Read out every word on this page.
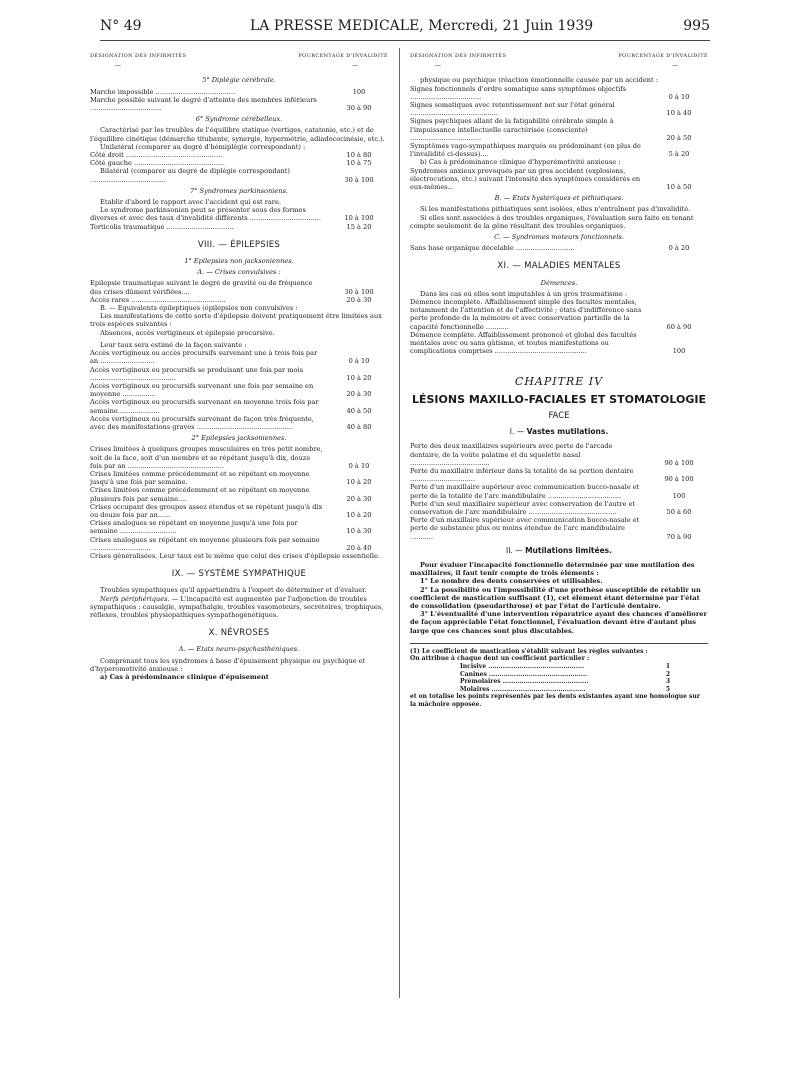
N° 49	LA PRESSE MEDICALE, Mercredi, 21 Juin 1939	995
DÉSIGNATION DES INFIRMITÉS	POURCENTAGE D'INVALIDITÉ
—	—
5° Diplégie cérébrale.
Marche impossible ......................................	100
Marche possible suivant le degré d'atteinte des membres inférieurs ..................................	30 à 90
6° Syndrome cérébelleux.

Caractérisé par les troubles de l'équilibre statique (vertiges, catatonie, etc.) et de l'équilibre cinétique (démarche titubante, synergie, hypermétrie, adiadococinésie, etc.).

Unilatéral (comparer au degré d'hémiplégie correspondant) :

Côté droit ..............................................	10 à 80
Côté gauche ...........................................	10 à 75
Bilatéral (comparer au degré de diplégie correspondant) ....................................	30 à 100
7° Syndromes parkinsoniens.

Etablir d'abord le rapport avec l'accident qui est rare.

Le syndrome parkinsonien peut se présenter sous des formes diverses et avec des taux d'invalidité différents ..................................	10 à 100
Torticolis traumatique ................................	15 à 20
VIII. — ÉPILEPSIES
1° Epilepsies non jacksoniennes.
A. — Crises convulsives :
Epilepsie traumatique suivant le degré de gravité ou de fréquence des crises dûment vérifiées....	30 à 100
Accès rares .............................................	20 à 30

B. — Equivalents épileptiques (épilepsies non convulsives :

Les manifestations de cette sorte d'épilepsie doivent pratiquement être limitées aux trois espèces suivantes :

Absences, accès vertigineux et épilepsie procursive.

Leur taux sera estimé de la façon suivante :

Accès vertigineux ou accès procursifs survenant une à trois fois par an ..........................	0 à 10
Accès vertigineux ou procursifs se produisant une fois par mois .........................................	10 à 20
Accès vertigineux ou procursifs survenant une fois par semaine en moyenne ................	20 à 30
Accès vertigineux ou procursifs survenant en moyenne trois fois par semaine....................	40 à 50
Accès vertigineux ou procursifs survenant de façon très fréquente, avec des manifestations graves ..............................................	40 à 80
2° Epilepsies jacksoniennes.
Crises limitées à quelques groupes musculaires en très petit nombre, soit de la face, soit d'un membre et se répétant jusqu'à dix, douze fois par an ..............................................	0 à 10
Crises limitées comme précédemment et se répétant en moyenne jusqu'à une fois par semaine.	10 à 20
Crises limitées comme précédemment et se répétant en moyenne plusieurs fois par semaine....	20 à 30
Crises occupant des groupes assez étendus et se répétant jusqu'à dix ou douze fois par an......	10 à 20
Crises analogues se répétant en moyenne jusqu'à une fois par semaine ...........................	10 à 30
Crises analogues se répétant en moyenne plusieurs fois par semaine .............................	20 à 40

Crises généralisées. Leur taux est le même que celui des crises d'épilepsie essentielle.

IX. — SYSTÈME SYMPATHIQUE

Troubles sympathiques qu'il appartiendra à l'expert de déterminer et d'évaluer.

Nerfs périphériques. — L'incapacité est augmentée par l'adjonction de troubles sympathiques : causalgie, sympathalgie, troubles vasomoteurs, secrétoires, trophiques, réflexes, troubles physiopathiques sympathogénétiques.

X. NÉVROSES
A. — Etats neuro-psychasthéniques.

Comprenant tous les syndromes à base d'épuisement physique ou psychique et d'hyperomotivité anxieuse :

a) Cas à prédominance clinique d'épuisement

DÉSIGNATION DES INFIRMITÉS	POURCENTAGE D'INVALIDITÉ
—	—

physique ou psychique (réaction émotionnelle causée par un accident :

Signes fonctionnels d'ordre somatique sans symptômes objectifs ..................................	0 à 10
Signes somatiques avec retentissement net sur l'état général ..........................................	10 à 40
Signes psychiques allant de la fatigabilité cérébrale simple à l'impuissance intellectuelle caractérisée (consciente) ..................................	20 à 50
Symptômes vago-sympathiques marqués ou prédominant (en plus de l'invalidité ci-dessus)....	5 à 20

b) Cas à prédominance clinique d'hyperémotivité anxieuse :

Syndromes anxieux provoqués par un gros accident (explosions, électrocutions, etc.) suivant l'intensité des symptômes considérés en eux-mêmes...	10 à 50
B. — Etats hystériques et pithiatiques.

Si les manifestations pithiatiques sont isolées, elles n'entraînent pas d'invalidité.

Si elles sont associées à des troubles organiques, l'évaluation sera faite en tenant compte seulement de la gêne résultant des troubles organiques.

C. — Syndromes moteurs fonctionnels.
Sans base organique décelable ............................	0 à 20
XI. — MALADIES MENTALES
Démences.

Dans les cas où elles sont imputables à un gros traumatisme :

Démence incomplète. Affaiblissement simple des facultés mentales, notamment de l'attention et de l'affectivité ; états d'indifférence sans perte profonde de la mémoire et avec conservation partielle de la capacité fonctionnelle ...........	60 à 90
Démence complète. Affaiblissement prononcé et global des facultés mentales avec ou sans gâtisme, et toutes manifestations ou complications comprises ............................................	100
CHAPITRE IV
LÉSIONS MAXILLO-FACIALES ET STOMATOLOGIE
FACE
I. — Vastes mutilations.
Perte des deux maxillaires supérieurs avec perte de l'arcade dentaire, de la voûte palatine et du squelette nasal ......................................	90 à 100
Perte du maxillaire inférieur dans la totalité de sa portion dentaire ...............................	90 à 100
Perte d'un maxillaire supérieur avec communication bucco-nasale et perte de la totalité de l'arc mandibulaire ...................................	100
Perte d'un seul maxillaire supérieur avec conservation de l'autre et conservation de l'arc mandibulaire ..........................................	50 à 60
Perte d'un maxillaire supérieur avec communication bucco-nasale et perte de substance plus ou moins étendue de l'arc mandibulaire ...........	70 à 90
II. — Mutilations limitées.

Pour évaluer l'incapacité fonctionnelle déterminée par une mutilation des maxillaires, il faut tenir compte de trois éléments :

1° Le nombre des dents conservées et utilisables.

2° La possibilité ou l'impossibilité d'une prothèse susceptible de rétablir un coefficient de mastication suffisant (1), cet élément étant déterminé par l'état de consolidation (pseudarthrose) et par l'état de l'articulé dentaire.

3° L'éventualité d'une intervention réparatrice ayant des chances d'améliorer de façon appréciable l'état fonctionnel, l'évaluation devant être d'autant plus large que ces chances sont plus discutables.

(1) Le coefficient de mastication s'établit suivant les règles suivantes :
On attribue à chaque dent un coefficient particulier :
Incisive ..............................................	1
Canines ...............................................	2
Prémolaires .........................................	3
Molaires .............................................	5
et on totalise les points représentés par les dents existantes ayant une homologue sur la mâchoire opposée.
